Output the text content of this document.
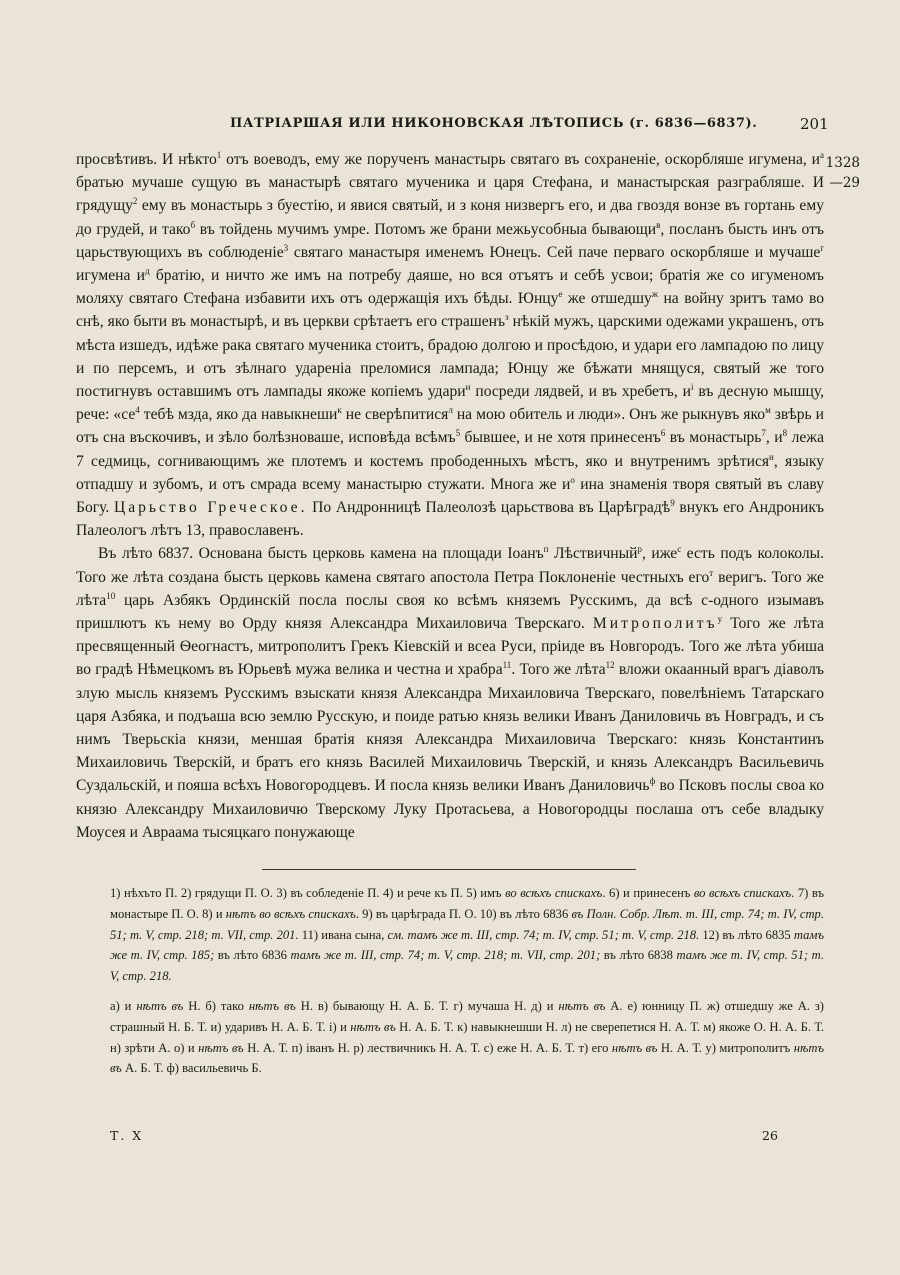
ПАТРІАРШАЯ ИЛИ НИКОНОВСКАЯ ЛѢТОПИСЬ (г. 6836—6837).	201
1328
—29

просвѣтивъ. И нѣкто$^1$ отъ воеводъ, ему же порученъ манастырь святаго въ сохраненіе, оскорбляше игумена, $и^а$ братью мучаше сущую въ манастырѣ святаго мученика и царя Стефана, и манастырская разграбляше. И грядущу$^2$ ему въ монастырь з буестію, и явися святый, и з коня низвергъ его, и два гвоздя вонзе въ гортань ему до грудей, и тако$^б$ въ тойдень мучимъ умре. Потомъ же брани межьусобныа бывающи$^в$, посланъ бысть инъ отъ царьствующихъ въ соблюденіе$^3$ святаго манастыря именемъ Юнецъ. Сей паче перваго оскорбляше и мучаше$^г$ игумена $и^д$ братію, и ничто же имъ на потребу даяше, но вся отъятъ и себѣ усвои; братія же со игуменомъ моляху святаго Стефана избавити ихъ отъ одержащія ихъ бѣды. Юнцу$^е$ же отшедшу$^ж$ на войну зритъ тамо во снѣ, яко быти въ монастырѣ, и въ церкви срѣтаетъ его страшенъ$^з$ нѣкій мужъ, царскими одежами украшенъ, отъ мѣста изшедъ, идѣже рака святаго мученика стоитъ, брадою долгою и просѣдою, и удари его лампадою по лицу и по персемъ, и отъ зѣлнаго удареніа преломися лампада; Юнцу же бѣжати мнящуся, святый же того постигнувъ оставшимъ отъ лампады якоже копіемъ удари$^и$ посреди лядвей, и въ хребетъ, $и^і$ въ десную мышцу, рече: «$се^4$ тебѣ мзда, яко да навыкнеши$^к$ не сверѣпитися$^л$ на мою обитель и люди». Онъ же рыкнувъ яко$^м$ звѣрь и отъ сна въскочивъ, и зѣло болѣзноваше, исповѣда всѣмъ$^5$ бывшее, и не хотя принесенъ$^6$ въ монастырь$^7$, $и^8$ лежа 7 седмиць, согнивающимъ же плотемъ и костемъ прободенныхъ мѣстъ, яко и внутренимъ зрѣтися$^н$, языку отпадшу и зубомъ, и отъ смрада всему манастырю стужати. Многа же $и^о$ ина знаменія творя святый въ славу Богу. Царьство Греческое. По Андронницѣ Палеолозѣ царьствова въ Царѣградѣ$^9$ внукъ его Андроникъ Палеологъ лѣтъ 13, православенъ.

Въ лѣто 6837. Основана бысть церковь камена на площади Іоанъ$^п$ Лѣствичный$^р$, иже$^с$ есть подъ колоколы. Того же лѣта создана бысть церковь камена святаго апостола Петра Поклоненіе честныхъ его$^т$ веригъ. Того же лѣта$^{10}$ царь Азбякъ Ординскій посла послы своя ко всѣмъ княземъ Русскимъ, да всѣ с-одного изымавъ пришлютъ къ нему во Орду князя Александра Михаиловича Тверскаго. Митрополитъ$^у$ Того же лѣта пресвященный Ѳеогнастъ, митрополитъ Грекъ Кіевскій и всеа Руси, пріиде въ Новгородъ. Того же лѣта убиша во градѣ Нѣмецкомъ въ Юрьевѣ мужа велика и честна и храбра$^{11}$. Того же лѣта$^{12}$ вложи окаанный врагъ діаволъ злую мысль княземъ Русскимъ взыскати князя Александра Михаиловича Тверскаго, повелѣніемъ Татарскаго царя Азбяка, и подъаша всю землю Русскую, и поиде ратью князь велики Иванъ Даниловичь въ Новградъ, и съ нимъ Тверьскіа князи, меншая братія князя Александра Михаиловича Тверскаго: князь Константинъ Михаиловичь Тверскій, и братъ его князь Василей Михаиловичь Тверскій, и князь Александръ Васильевичь Суздальскій, и пояша всѣхъ Новогородцевъ. И посла князь велики Иванъ Даниловичь$^ф$ во Псковъ послы своа ко князю Александру Михаиловичю Тверскому Луку Протасьева, а Новогородцы послаша отъ себе владыку Моусея и Авраама тысяцкаго понужающе

1) нѣхъто П. 2) грядущи П. О. 3) въ собледеніе П. 4) и рече къ П. 5) имъ во всѣхъ спискахъ. 6) и принесенъ во всѣхъ спискахъ. 7) въ монастыре П. О. 8) и нѣтъ во всѣхъ спискахъ. 9) въ царѣграда П. О. 10) въ лѣто 6836 въ Полн. Собр. Лѣт. т. III, стр. 74; т. IV, стр. 51; т. V, стр. 218; т. VII, стр. 201. 11) ивана сына, см. тамъ же т. III, стр. 74; т. IV, стр. 51; т. V, стр. 218. 12) въ лѣто 6835 тамъ же т. IV, стр. 185; въ лѣто 6836 тамъ же т. III, стр. 74; т. V, стр. 218; т. VII, стр. 201; въ лѣто 6838 тамъ же т. IV, стр. 51; т. V, стр. 218.

а) и нѣтъ въ Н. б) тако нѣтъ въ Н. в) бывающу Н. А. Б. Т. г) мучаша Н. д) и нѣтъ въ А. е) юнницу П. ж) отшедшу же А. з) страшный Н. Б. Т. и) ударивъ Н. А. Б. Т. і) и нѣтъ въ Н. А. Б. Т. к) навыкнешши Н. л) не сверепетися Н. А. Т. м) якоже О. Н. А. Б. Т. н) зрѣти А. о) и нѣтъ въ Н. А. Т. п) іванъ Н. р) лествичникъ Н. А. Т. с) еже Н. А. Б. Т. т) его нѣтъ въ Н. А. Т. у) митрополитъ нѣтъ въ А. Б. Т. ф) васильевичь Б.

Т. X	26
